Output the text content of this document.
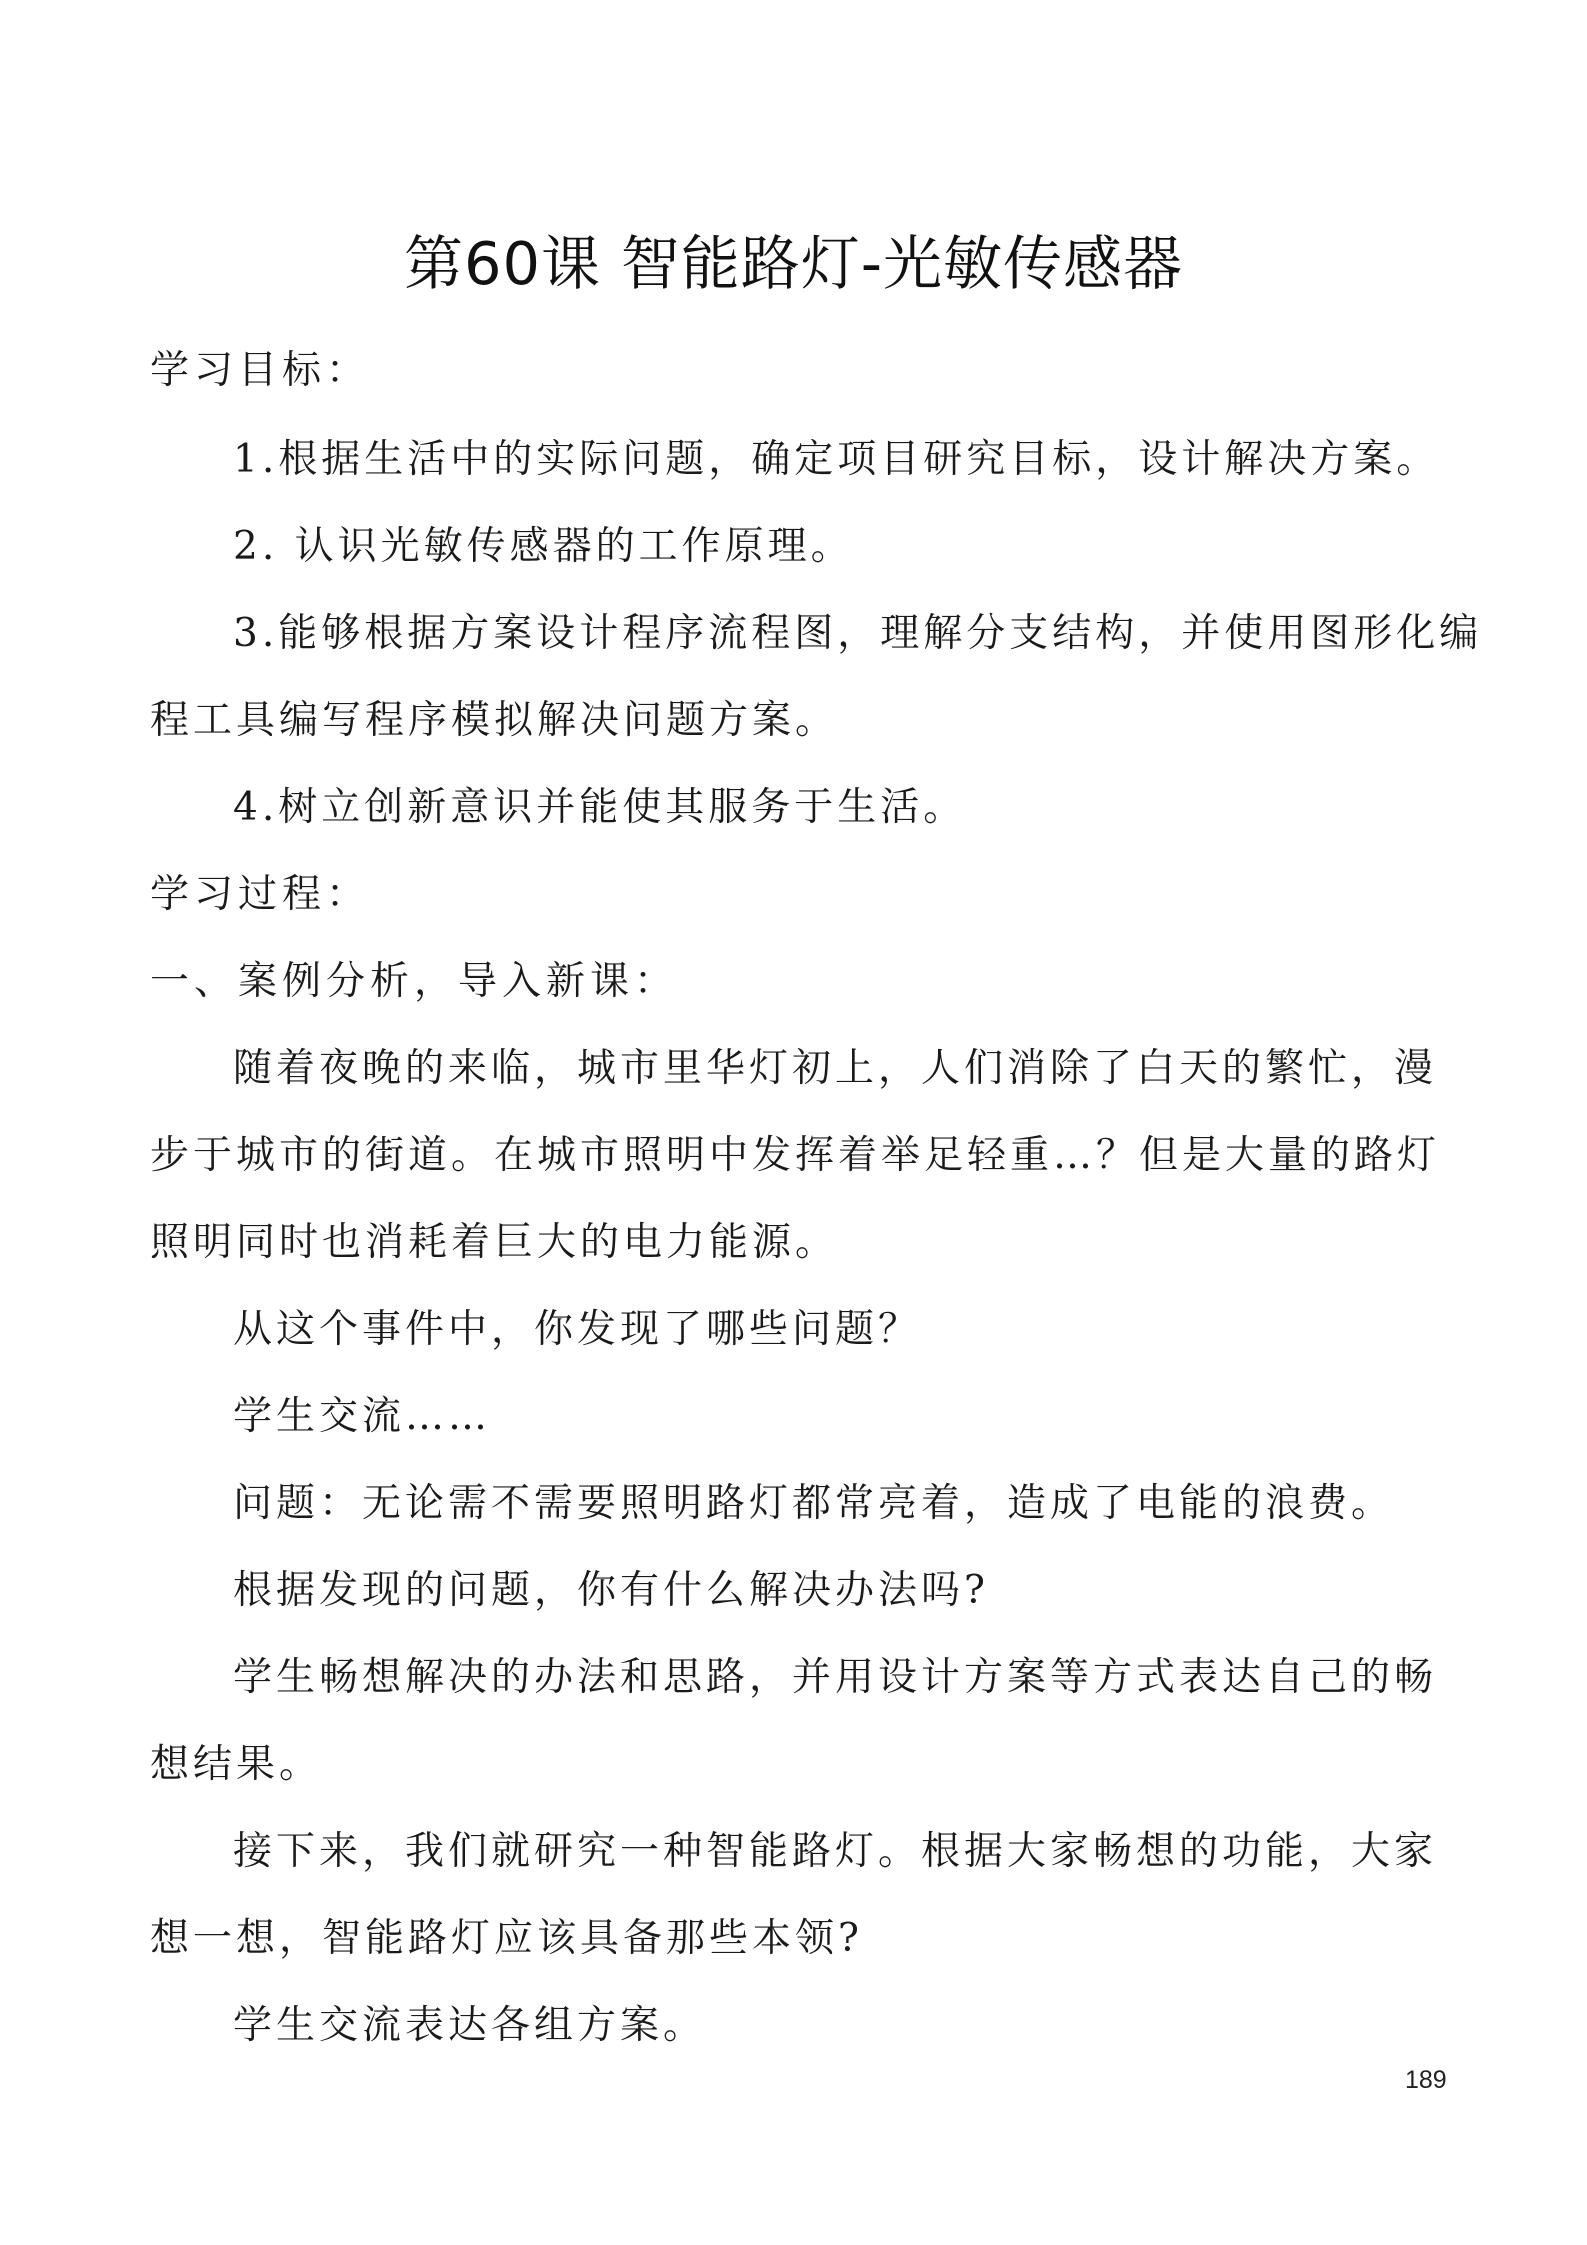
第60课 智能路灯-光敏传感器

学习目标：

1.根据生活中的实际问题，确定项目研究目标，设计解决方案。

2. 认识光敏传感器的工作原理。

3.能够根据方案设计程序流程图，理解分支结构，并使用图形化编

程工具编写程序模拟解决问题方案。

4.树立创新意识并能使其服务于生活。

学习过程：

一、案例分析，导入新课：

随着夜晚的来临，城市里华灯初上，人们消除了白天的繁忙，漫

步于城市的街道。在城市照明中发挥着举足轻重…？但是大量的路灯

照明同时也消耗着巨大的电力能源。

从这个事件中，你发现了哪些问题？

学生交流……

问题：无论需不需要照明路灯都常亮着，造成了电能的浪费。

根据发现的问题，你有什么解决办法吗?

学生畅想解决的办法和思路，并用设计方案等方式表达自己的畅

想结果。

接下来，我们就研究一种智能路灯。根据大家畅想的功能，大家

想一想，智能路灯应该具备那些本领?

学生交流表达各组方案。

189
